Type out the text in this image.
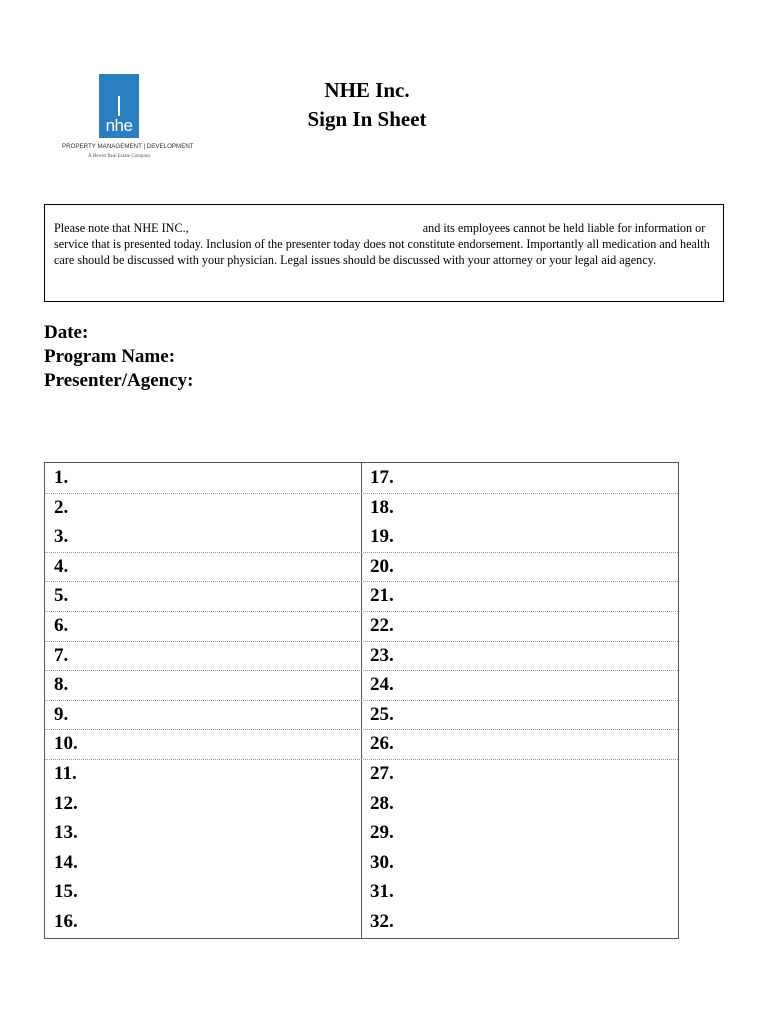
nhe
PROPERTY MANAGEMENT | DEVELOPMENT
A Hewitt Real Estate Company
NHE Inc.
Sign In Sheet
Please note that NHE INC.,	and its employees cannot be held liable for information or service that is presented today. Inclusion of the presenter today does not constitute endorsement. Importantly all medication and health care should be discussed with your physician. Legal issues should be discussed with your attorney or your legal aid agency.
Date:
Program Name:
Presenter/Agency:
1.	17.
2.	18.
3.	19.
4.	20.
5.	21.
6.	22.
7.	23.
8.	24.
9.	25.
10.	26.
11.	27.
12.	28.
13.	29.
14.	30.
15.	31.
16.	32.
